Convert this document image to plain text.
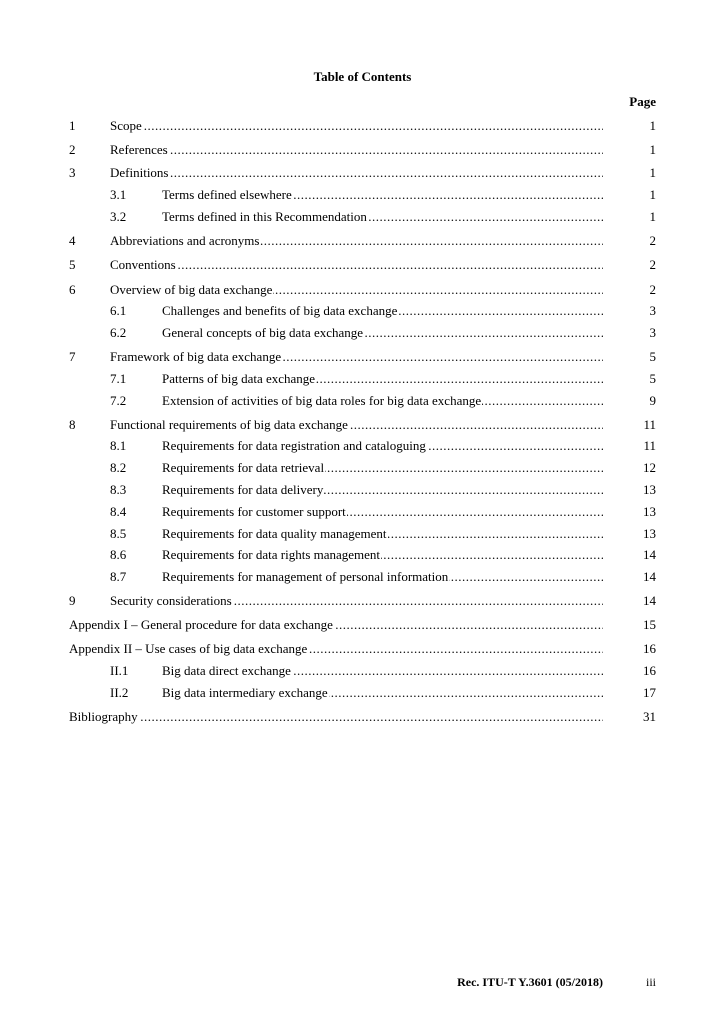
Table of Contents
Page
1	Scope .....	1
2	References .....	1
3	Definitions .....	1
3.1	Terms defined elsewhere .....	1
3.2	Terms defined in this Recommendation .....	1
4	Abbreviations and acronyms .....	2
5	Conventions .....	2
6	Overview of big data exchange .....	2
6.1	Challenges and benefits of big data exchange .....	3
6.2	General concepts of big data exchange .....	3
7	Framework of big data exchange .....	5
7.1	Patterns of big data exchange .....	5
7.2	Extension of activities of big data roles for big data exchange .....	9
8	Functional requirements of big data exchange .....	11
8.1	Requirements for data registration and cataloguing .....	11
8.2	Requirements for data retrieval .....	12
8.3	Requirements for data delivery .....	13
8.4	Requirements for customer support .....	13
8.5	Requirements for data quality management .....	13
8.6	Requirements for data rights management .....	14
8.7	Requirements for management of personal information .....	14
9	Security considerations .....	14
Appendix I – General procedure for data exchange .....	15
Appendix II – Use cases of big data exchange .....	16
II.1	Big data direct exchange .....	16
II.2	Big data intermediary exchange .....	17
Bibliography .....	31
Rec. ITU-T Y.3601 (05/2018)	iii
